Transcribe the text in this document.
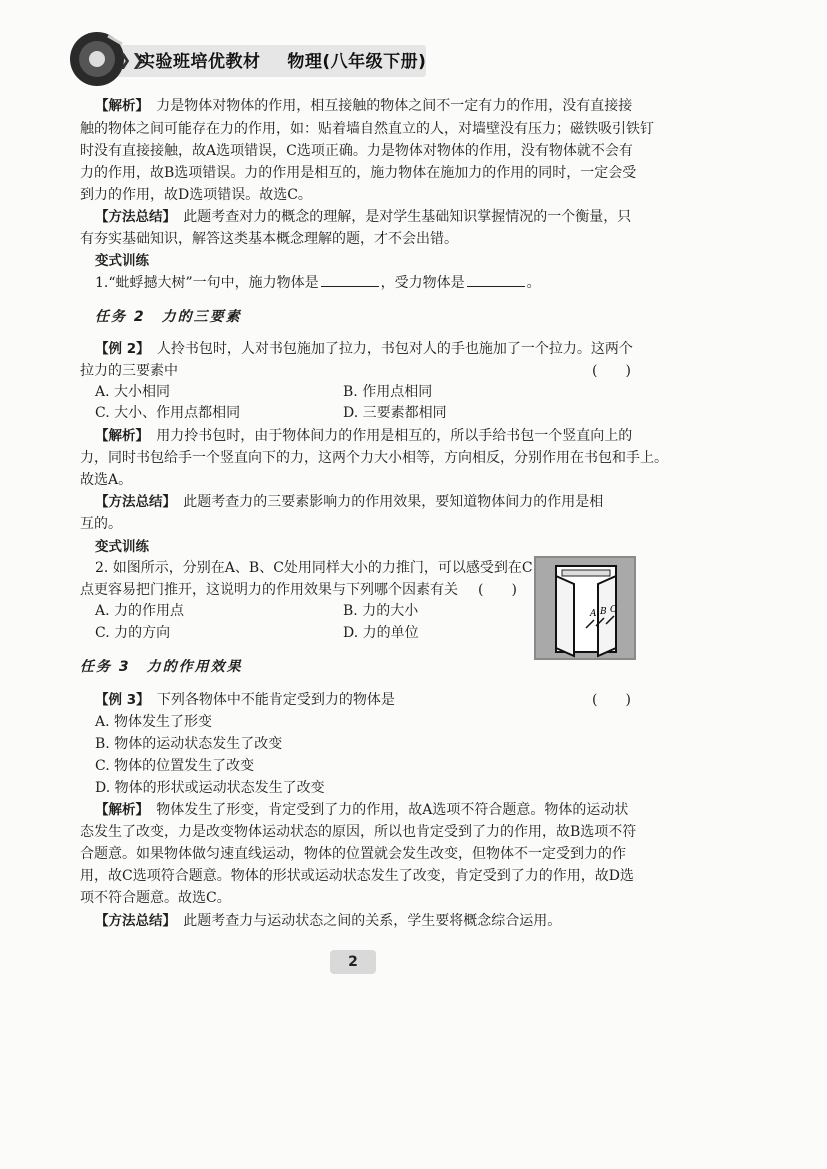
❯❯
实验班培优教材 物理(八年级下册)
【解析】　 力是物体对物体的作用，相互接触的物体之间不一定有力的作用，没有直接接
触的物体之间可能存在力的作用，如：贴着墙自然直立的人，对墙壁没有压力；磁铁吸引铁钉
时没有直接接触，故A选项错误，C选项正确。力是物体对物体的作用，没有物体就不会有
力的作用，故B选项错误。力的作用是相互的，施力物体在施加力的作用的同时，一定会受
到力的作用，故D选项错误。故选C。
【方法总结】　 此题考查对力的概念的理解，是对学生基础知识掌握情况的一个衡量，只
有夯实基础知识，解答这类基本概念理解的题，才不会出错。
变式训练
1.“蚍蜉撼大树”一句中，施力物体是	，受力物体是	。
任务 2　力的三要素
【例 2】　 人拎书包时，人对书包施加了拉力，书包对人的手也施加了一个拉力。这两个
拉力的三要素中	(　　)
A. 大小相同	B. 作用点相同
C. 大小、作用点都相同	D. 三要素都相同
【解析】　 用力拎书包时，由于物体间力的作用是相互的，所以手给书包一个竖直向上的
力，同时书包给手一个竖直向下的力，这两个力大小相等，方向相反，分别作用在书包和手上。
故选A。
【方法总结】　 此题考查力的三要素影响力的作用效果，要知道物体间力的作用是相
互的。
变式训练
2. 如图所示，分别在A、B、C处用同样大小的力推门，可以感受到在C
点更容易把门推开，这说明力的作用效果与下列哪个因素有关 (　　)
A. 力的作用点	B. 力的大小
C. 力的方向	D. 力的单位
A B C
任务 3　力的作用效果
【例 3】　 下列各物体中不能肯定受到力的物体是	(　　)
A. 物体发生了形变
B. 物体的运动状态发生了改变
C. 物体的位置发生了改变
D. 物体的形状或运动状态发生了改变
【解析】　 物体发生了形变，肯定受到了力的作用，故A选项不符合题意。物体的运动状
态发生了改变，力是改变物体运动状态的原因，所以也肯定受到了力的作用，故B选项不符
合题意。如果物体做匀速直线运动，物体的位置就会发生改变，但物体不一定受到力的作
用，故C选项符合题意。物体的形状或运动状态发生了改变，肯定受到了力的作用，故D选
项不符合题意。故选C。
【方法总结】　 此题考查力与运动状态之间的关系，学生要将概念综合运用。
2
